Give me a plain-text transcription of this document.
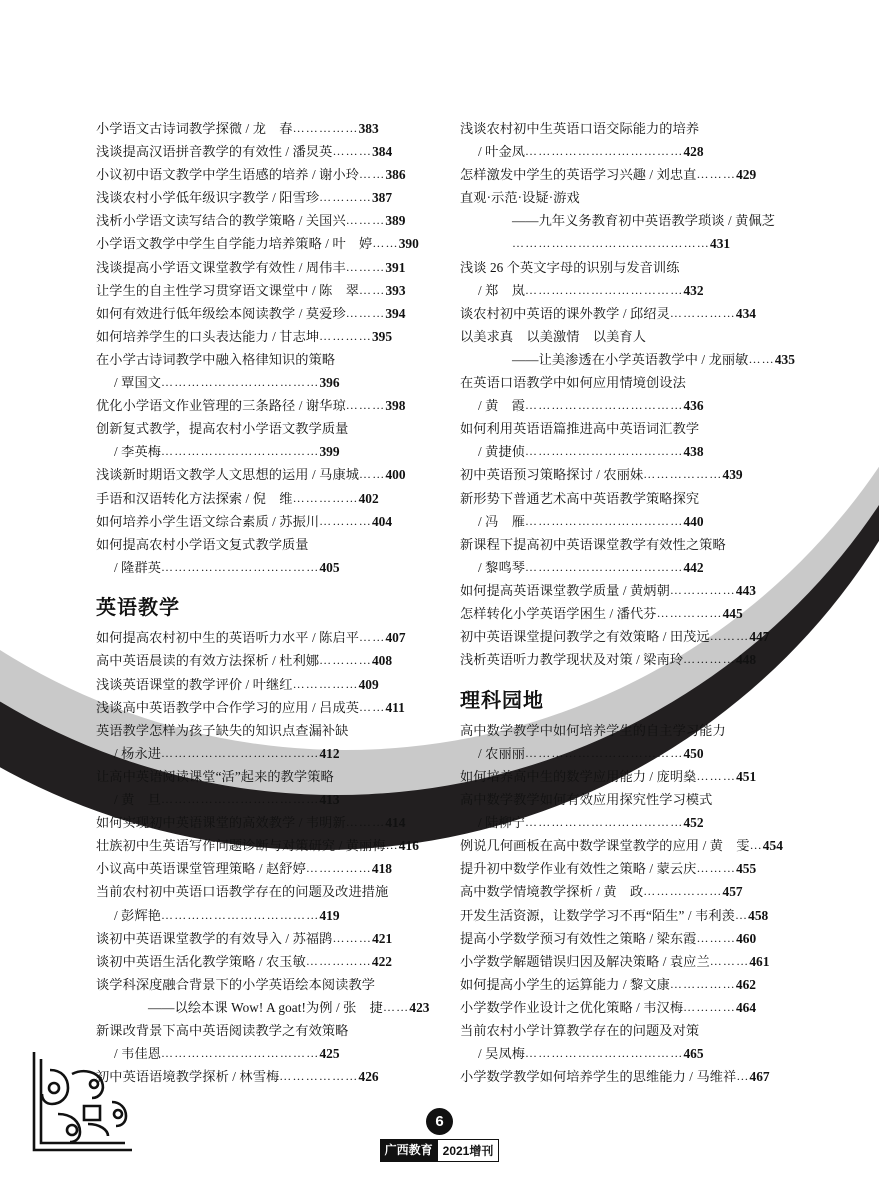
小学语文古诗词教学探微 / 龙　春……………383
浅谈提高汉语拼音教学的有效性 / 潘炅英………384
小议初中语文教学中学生语感的培养 / 谢小玲……386
浅谈农村小学低年级识字教学 / 阳雪珍…………387
浅析小学语文读写结合的教学策略 / 关国兴………389
小学语文教学中学生自学能力培养策略 / 叶　婷……390
浅谈提高小学语文课堂教学有效性 / 周伟丰………391
让学生的自主性学习贯穿语文课堂中 / 陈　翠……393
如何有效进行低年级绘本阅读教学 / 莫爱珍………394
如何培养学生的口头表达能力 / 甘志坤…………395
在小学古诗词教学中融入格律知识的策略
/ 覃国文………………………………396
优化小学语文作业管理的三条路径 / 谢华琼………398
创新复式教学，提高农村小学语文教学质量
/ 李英梅………………………………399
浅谈新时期语文教学人文思想的运用 / 马康城……400
手语和汉语转化方法探索 / 倪　维……………402
如何培养小学生语文综合素质 / 苏振川…………404
如何提高农村小学语文复式教学质量
/ 隆群英………………………………405
英语教学
如何提高农村初中生的英语听力水平 / 陈启平……407
高中英语晨读的有效方法探析 / 杜利娜…………408
浅谈英语课堂的教学评价 / 叶继红……………409
浅谈高中英语教学中合作学习的应用 / 吕成英……411
英语教学怎样为孩子缺失的知识点查漏补缺
/ 杨永进………………………………412
让高中英语阅读课堂“活”起来的教学策略
/ 黄　旦………………………………413
如何实现初中英语课堂的高效教学 / 韦明新………414
壮族初中生英语写作问题诊断与对策研究 / 黄丽梅…416
小议高中英语课堂管理策略 / 赵舒婷……………418
当前农村初中英语口语教学存在的问题及改进措施
/ 彭辉艳………………………………419
谈初中英语课堂教学的有效导入 / 苏福鹍………421
谈初中英语生活化教学策略 / 农玉敏……………422
谈学科深度融合背景下的小学英语绘本阅读教学
——以绘本课 Wow! A goat!为例 / 张　捷……423
新课改背景下高中英语阅读教学之有效策略
/ 韦佳恩………………………………425
初中英语语境教学探析 / 林雪梅………………426
浅谈农村初中生英语口语交际能力的培养
/ 叶金凤………………………………428
怎样激发中学生的英语学习兴趣 / 刘忠直………429
直观·示范·设疑·游戏
——九年义务教育初中英语教学琐谈 / 黄佩芝
………………………………………431
浅谈 26 个英文字母的识别与发音训练
/ 郑　岚………………………………432
谈农村初中英语的课外教学 / 邱绍灵……………434
以美求真　以美激情　以美育人
——让美渗透在小学英语教学中 / 龙丽敏……435
在英语口语教学中如何应用情境创设法
/ 黄　霞………………………………436
如何利用英语语篇推进高中英语词汇教学
/ 黄捷侦………………………………438
初中英语预习策略探讨 / 农丽妹………………439
新形势下普通艺术高中英语教学策略探究
/ 冯　雁………………………………440
新课程下提高初中英语课堂教学有效性之策略
/ 黎鸣琴………………………………442
如何提高英语课堂教学质量 / 黄炳朝……………443
怎样转化小学英语学困生 / 潘代芬……………445
初中英语课堂提问教学之有效策略 / 田茂远………447
浅析英语听力教学现状及对策 / 梁南玲…………448
理科园地
高中数学教学中如何培养学生的自主学习能力
/ 农丽丽………………………………450
如何培养高中生的数学应用能力 / 庞明燊………451
高中数学教学如何有效应用探究性学习模式
/ 陆柳宁………………………………452
例说几何画板在高中数学课堂教学的应用 / 黄　雯…454
提升初中数学作业有效性之策略 / 蒙云庆………455
高中数学情境教学探析 / 黄　政………………457
开发生活资源，让数学学习不再“陌生” / 韦利羡…458
提高小学数学预习有效性之策略 / 梁东霞………460
小学数学解题错误归因及解决策略 / 袁应兰………461
如何提高小学生的运算能力 / 黎文康……………462
小学数学作业设计之优化策略 / 韦汉梅…………464
当前农村小学计算教学存在的问题及对策
/ 吴凤梅………………………………465
小学数学教学如何培养学生的思维能力 / 马维祥…467
6
广西教育 2021增刊
